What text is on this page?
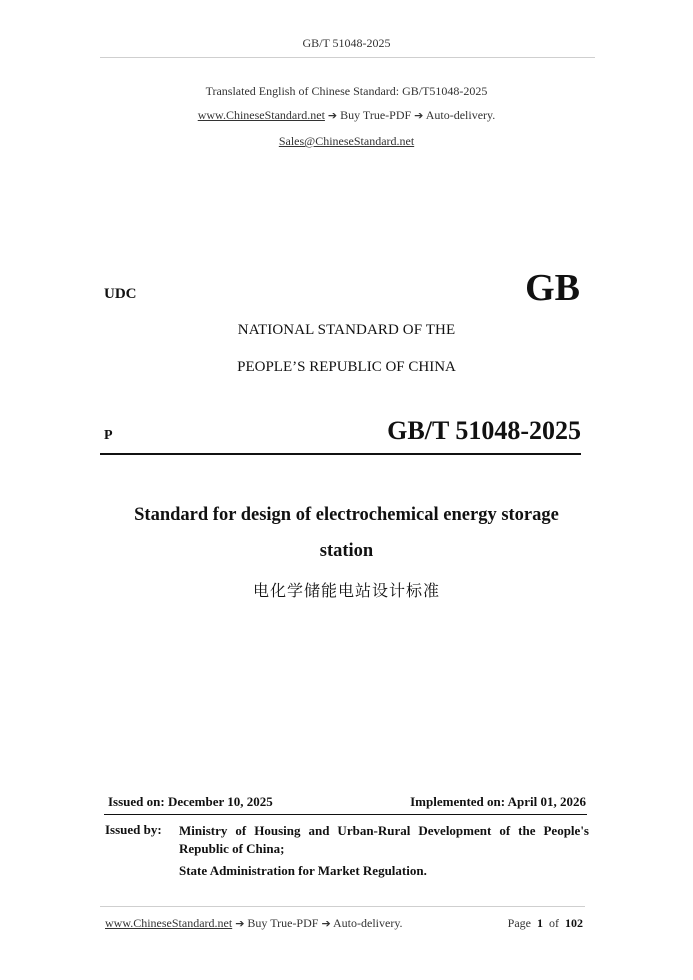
GB/T 51048-2025
Translated English of Chinese Standard: GB/T51048-2025
www.ChineseStandard.net ➔ Buy True-PDF ➔ Auto-delivery.
Sales@ChineseStandard.net
UDC	GB
NATIONAL STANDARD OF THE
PEOPLE’S REPUBLIC OF CHINA
P	GB/T 51048-2025
Standard for design of electrochemical energy storage
station
电化学储能电站设计标准
Issued on: December 10, 2025	Implemented on: April 01, 2026
Issued by: Ministry of Housing and Urban-Rural Development of the People's Republic of China;
State Administration for Market Regulation.
www.ChineseStandard.net ➔ Buy True-PDF ➔ Auto-delivery.	Page 1 of 102
